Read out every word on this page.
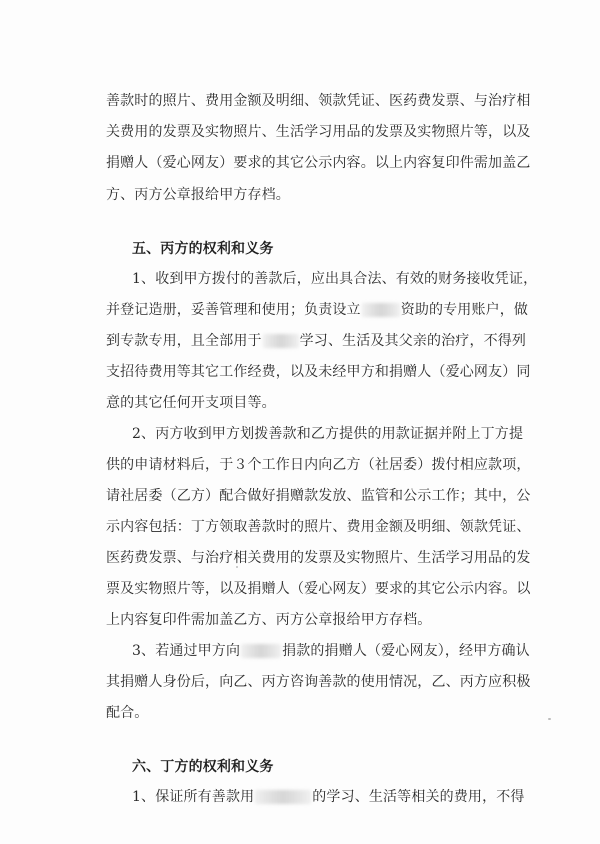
善款时的照片、费用金额及明细、领款凭证、医药费发票、与治疗相
关费用的发票及实物照片、生活学习用品的发票及实物照片等，以及
捐赠人（爱心网友）要求的其它公示内容。以上内容复印件需加盖乙
方、丙方公章报给甲方存档。
五、丙方的权利和义务
1、收到甲方拨付的善款后，应出具合法、有效的财务接收凭证，
并登记造册，妥善管理和使用；负责设立	资助的专用账户，做
到专款专用，且全部用于	学习、生活及其父亲的治疗，不得列
支招待费用等其它工作经费，以及未经甲方和捐赠人（爱心网友）同
意的其它任何开支项目等。
2、丙方收到甲方划拨善款和乙方提供的用款证据并附上丁方提
供的申请材料后，于３个工作日内向乙方（社居委）拨付相应款项，
请社居委（乙方）配合做好捐赠款发放、监管和公示工作；其中，公
示内容包括：丁方领取善款时的照片、费用金额及明细、领款凭证、
医药费发票、与治疗相关费用的发票及实物照片、生活学习用品的发
票及实物照片等，以及捐赠人（爱心网友）要求的其它公示内容。以
上内容复印件需加盖乙方、丙方公章报给甲方存档。
3、若通过甲方向	捐款的捐赠人（爱心网友），经甲方确认
其捐赠人身份后，向乙、丙方咨询善款的使用情况，乙、丙方应积极
配合。
六、丁方的权利和义务
1、保证所有善款用	的学习、生活等相关的费用，不得
